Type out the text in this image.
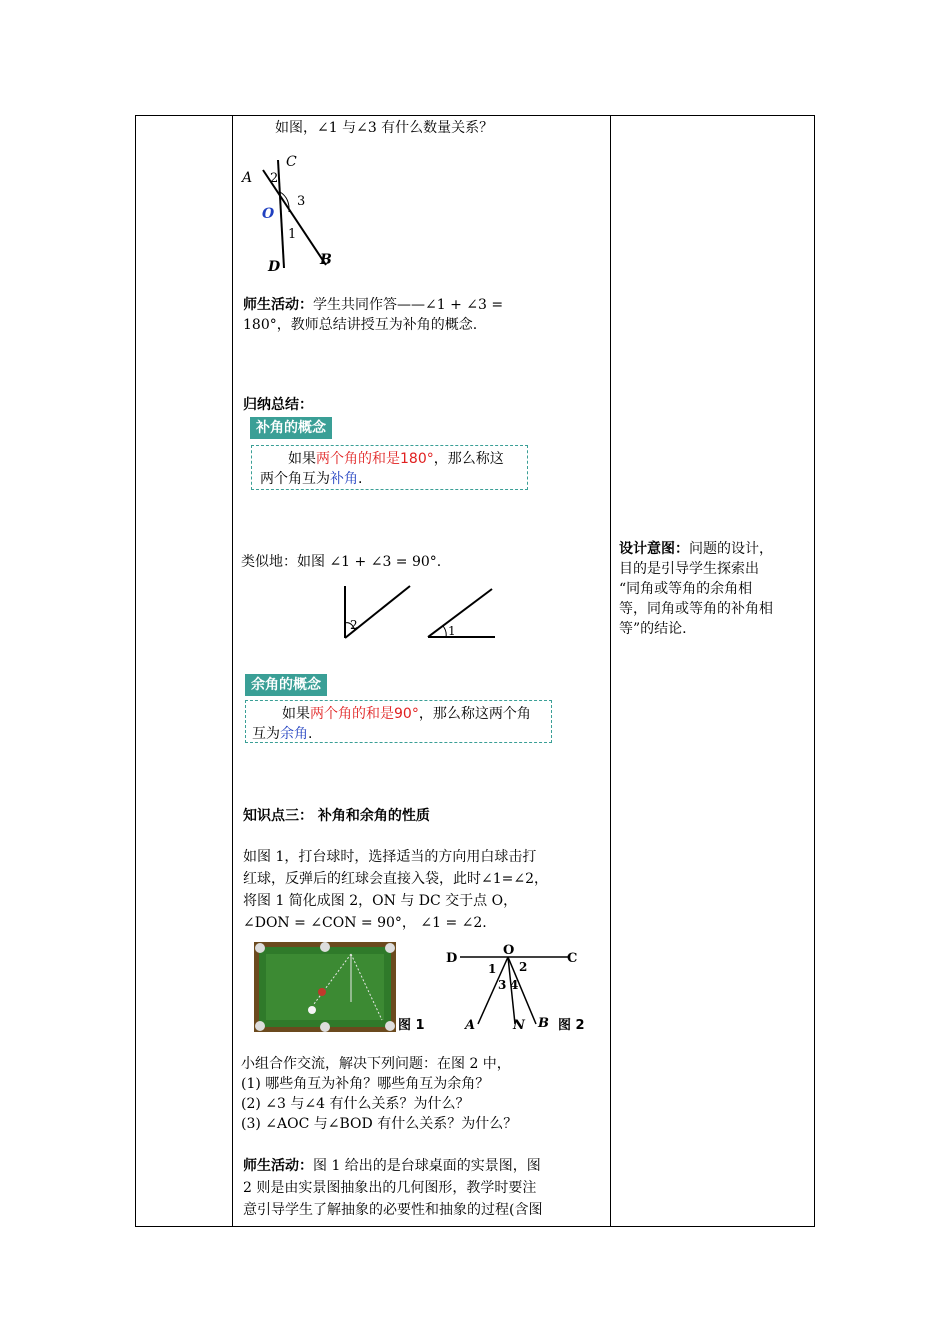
如图，∠1 与∠3 有什么数量关系？
A
C
O
D	B
2
3
1
师生活动：学生共同作答——∠1 + ∠3 =
180°，教师总结讲授互为补角的概念.
归纳总结：
补角的概念
如果两个角的和是180°，那么称这
两个角互为补角.
类似地：如图 ∠1 + ∠3 = 90°.
2	1
余角的概念
如果两个角的和是90°，那么称这两个角
互为余角.
知识点三： 补角和余角的性质
如图 1，打台球时，选择适当的方向用白球击打
红球，反弹后的红球会直接入袋，此时∠1=∠2，
将图 1 简化成图 2，ON 与 DC 交于点 O，
∠DON = ∠CON = 90°， ∠1 = ∠2.
图 1
D
O
C
1 2
3 4
A	N B 图 2
小组合作交流，解决下列问题：在图 2 中，
(1) 哪些角互为补角？哪些角互为余角？
(2) ∠3 与∠4 有什么关系？为什么？
(3) ∠AOC 与∠BOD 有什么关系？为什么？
师生活动：图 1 给出的是台球桌面的实景图，图
2 则是由实景图抽象出的几何图形，教学时要注
意引导学生了解抽象的必要性和抽象的过程(含图
设计意图：问题的设计，
目的是引导学生探索出
“同角或等角的余角相
等，同角或等角的补角相
等”的结论.
